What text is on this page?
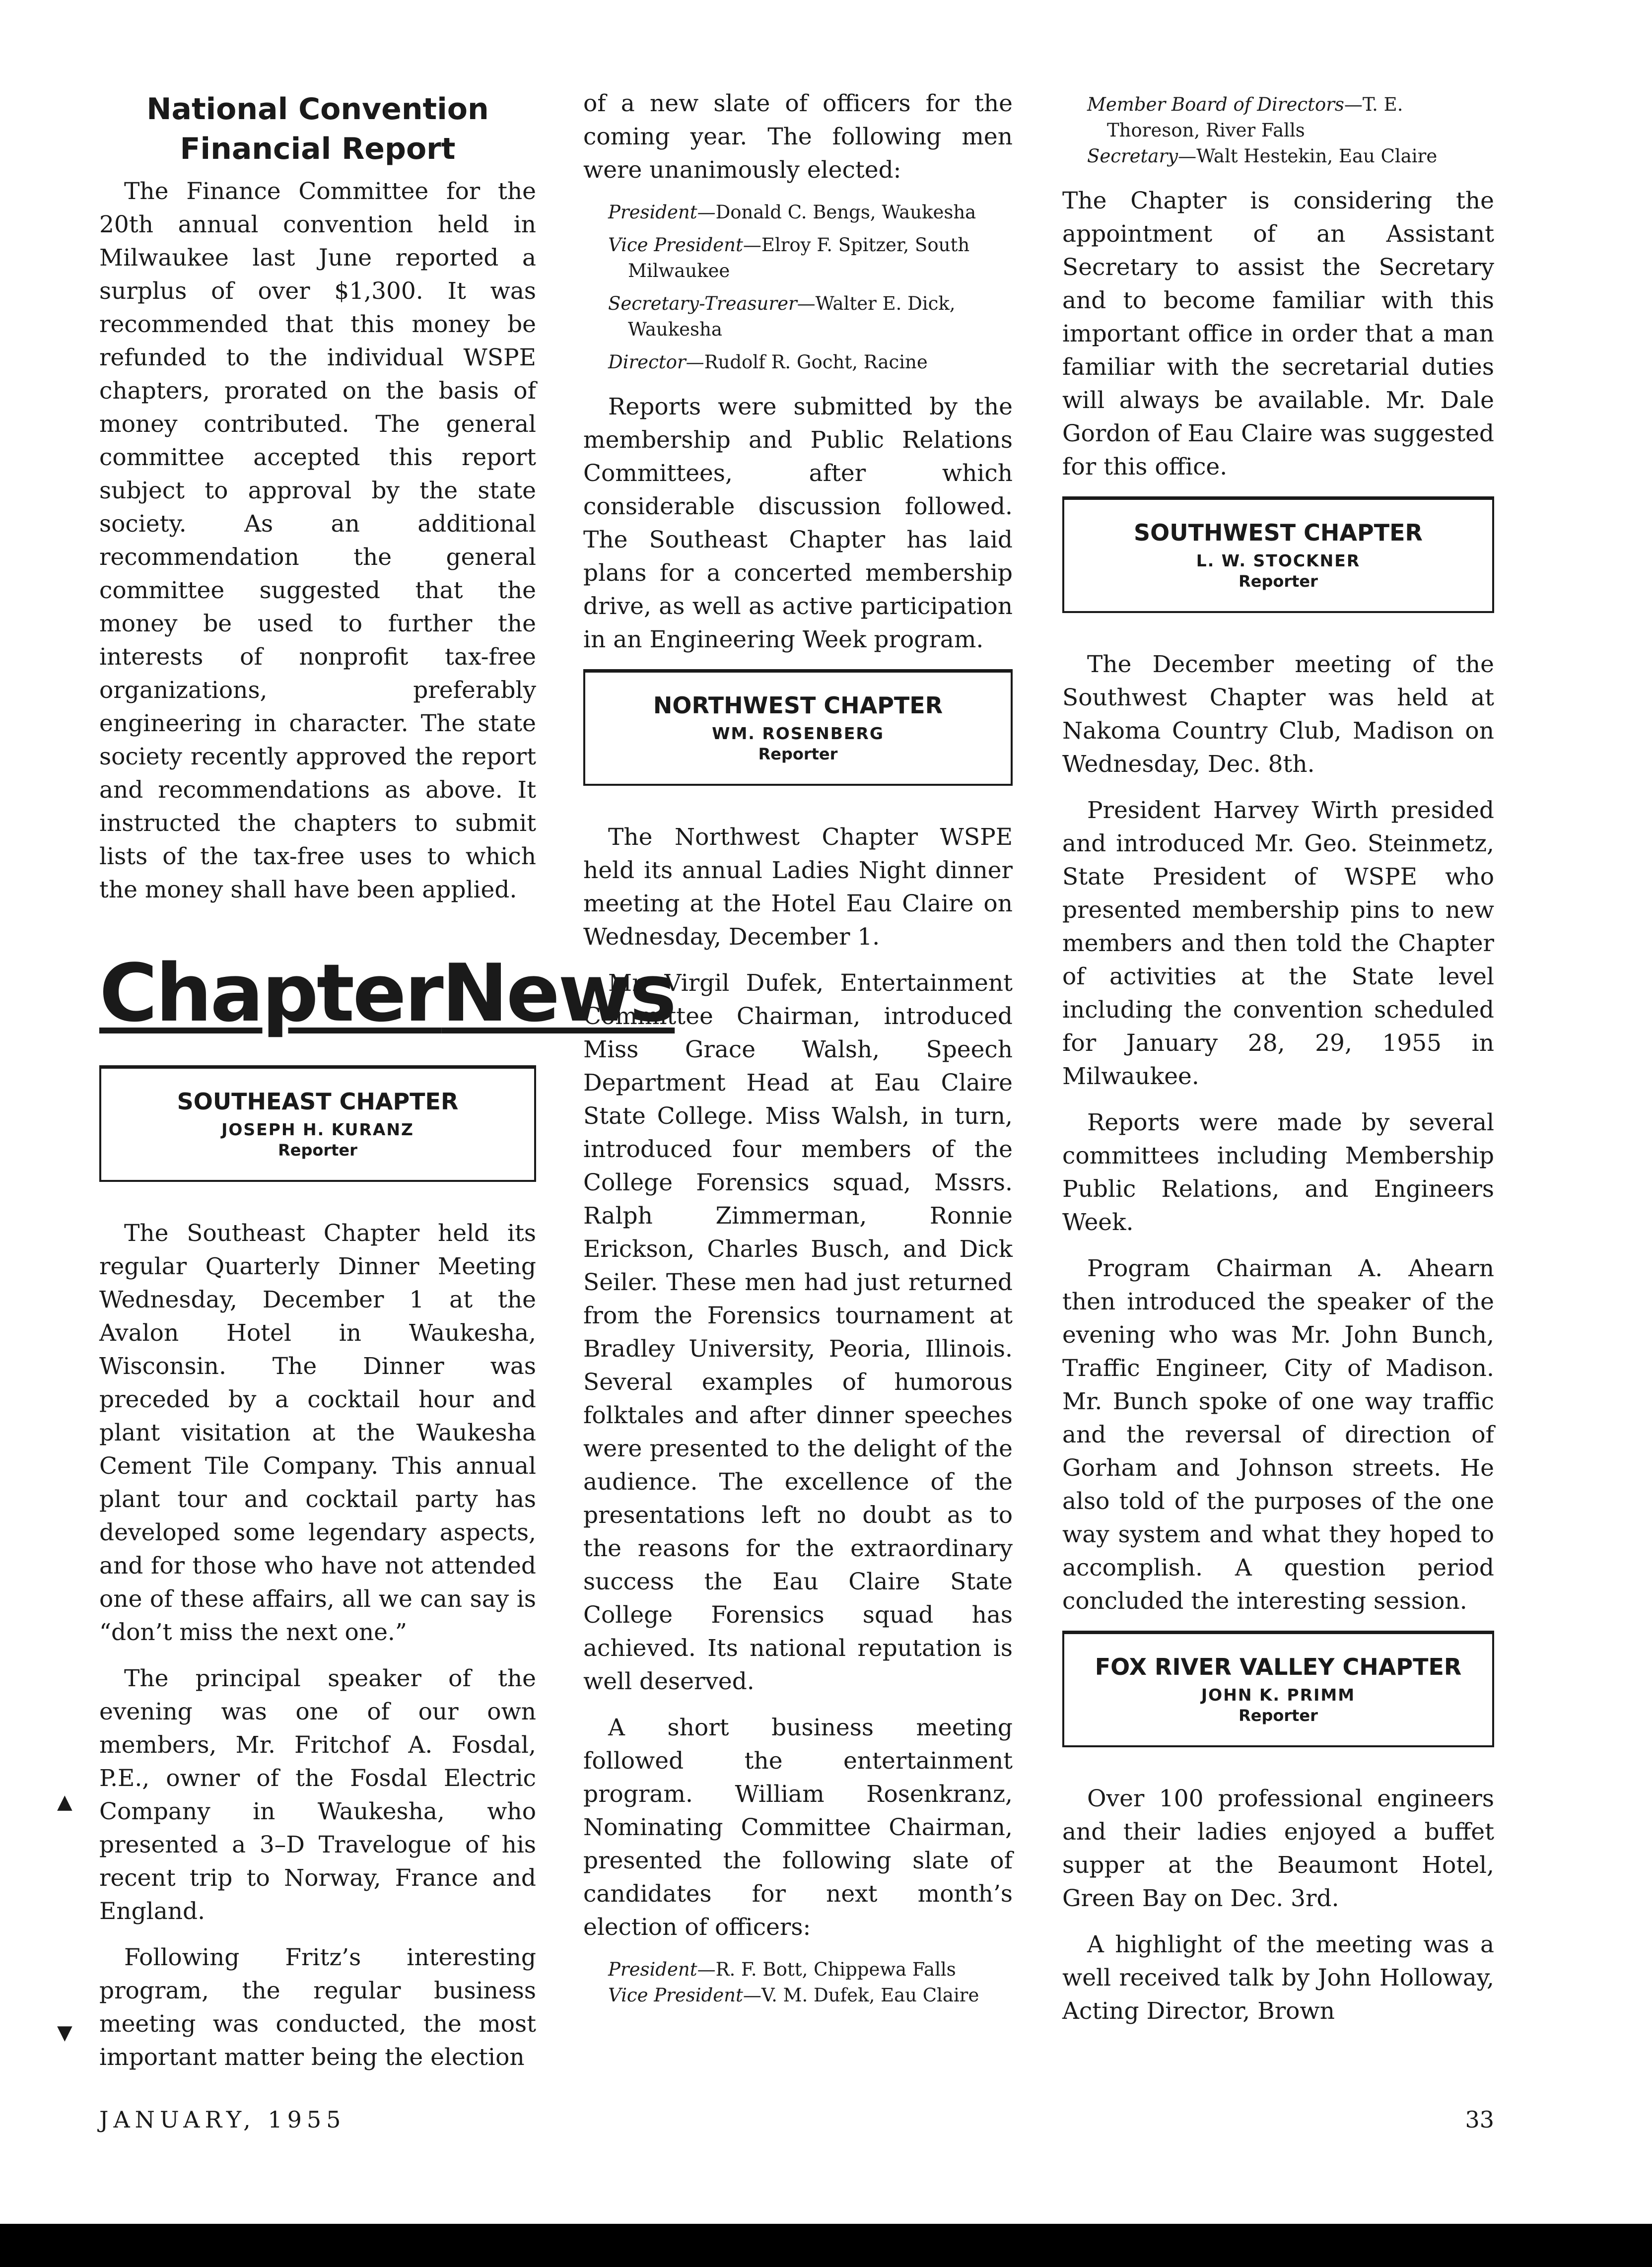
National Convention Financial Report

The Finance Committee for the 20th annual convention held in Milwaukee last June reported a surplus of over $1,300. It was recommended that this money be refunded to the individual WSPE chapters, prorated on the basis of money contributed. The general committee accepted this report subject to approval by the state society. As an additional recommendation the general committee suggested that the money be used to further the interests of nonprofit tax-free organizations, preferably engineering in character. The state society recently approved the report and recommendations as above. It instructed the chapters to submit lists of the tax-free uses to which the money shall have been applied.

Chapter News
SOUTHEAST CHAPTER
JOSEPH H. KURANZ
Reporter

The Southeast Chapter held its regular Quarterly Dinner Meeting Wednesday, December 1 at the Avalon Hotel in Waukesha, Wisconsin. The Dinner was preceded by a cocktail hour and plant visitation at the Waukesha Cement Tile Company. This annual plant tour and cocktail party has developed some legendary aspects, and for those who have not attended one of these affairs, all we can say is “don’t miss the next one.”

The principal speaker of the evening was one of our own members, Mr. Fritchof A. Fosdal, P.E., owner of the Fosdal Electric Company in Waukesha, who presented a 3–D Travelogue of his recent trip to Norway, France and England.

Following Fritz’s interesting program, the regular business meeting was conducted, the most important matter being the election

of a new slate of officers for the coming year. The following men were unanimously elected:

President—Donald C. Bengs, Waukesha
Vice President—Elroy F. Spitzer, South Milwaukee
Secretary-Treasurer—Walter E. Dick, Waukesha
Director—Rudolf R. Gocht, Racine

Reports were submitted by the membership and Public Relations Committees, after which considerable discussion followed. The Southeast Chapter has laid plans for a concerted membership drive, as well as active participation in an Engineering Week program.

NORTHWEST CHAPTER
WM. ROSENBERG
Reporter

The Northwest Chapter WSPE held its annual Ladies Night dinner meeting at the Hotel Eau Claire on Wednesday, December 1.

Mr. Virgil Dufek, Entertainment Committee Chairman, introduced Miss Grace Walsh, Speech Department Head at Eau Claire State College. Miss Walsh, in turn, introduced four members of the College Forensics squad, Mssrs. Ralph Zimmerman, Ronnie Erickson, Charles Busch, and Dick Seiler. These men had just returned from the Forensics tournament at Bradley University, Peoria, Illinois. Several examples of humorous folktales and after dinner speeches were presented to the delight of the audience. The excellence of the presentations left no doubt as to the reasons for the extraordinary success the Eau Claire State College Forensics squad has achieved. Its national reputation is well deserved.

A short business meeting followed the entertainment program. William Rosenkranz, Nominating Committee Chairman, presented the following slate of candidates for next month’s election of officers:

President—R. F. Bott, Chippewa Falls
Vice President—V. M. Dufek, Eau Claire
Member Board of Directors—T. E. Thoreson, River Falls
Secretary—Walt Hestekin, Eau Claire

The Chapter is considering the appointment of an Assistant Secretary to assist the Secretary and to become familiar with this important office in order that a man familiar with the secretarial duties will always be available. Mr. Dale Gordon of Eau Claire was suggested for this office.

SOUTHWEST CHAPTER
L. W. STOCKNER
Reporter

The December meeting of the Southwest Chapter was held at Nakoma Country Club, Madison on Wednesday, Dec. 8th.

President Harvey Wirth presided and introduced Mr. Geo. Steinmetz, State President of WSPE who presented membership pins to new members and then told the Chapter of activities at the State level including the convention scheduled for January 28, 29, 1955 in Milwaukee.

Reports were made by several committees including Membership Public Relations, and Engineers Week.

Program Chairman A. Ahearn then introduced the speaker of the evening who was Mr. John Bunch, Traffic Engineer, City of Madison. Mr. Bunch spoke of one way traffic and the reversal of direction of Gorham and Johnson streets. He also told of the purposes of the one way system and what they hoped to accomplish. A question period concluded the interesting session.

FOX RIVER VALLEY CHAPTER
JOHN K. PRIMM
Reporter

Over 100 professional engineers and their ladies enjoyed a buffet supper at the Beaumont Hotel, Green Bay on Dec. 3rd.

A highlight of the meeting was a well received talk by John Holloway, Acting Director, Brown

▲
▼
JANUARY, 1955	33
